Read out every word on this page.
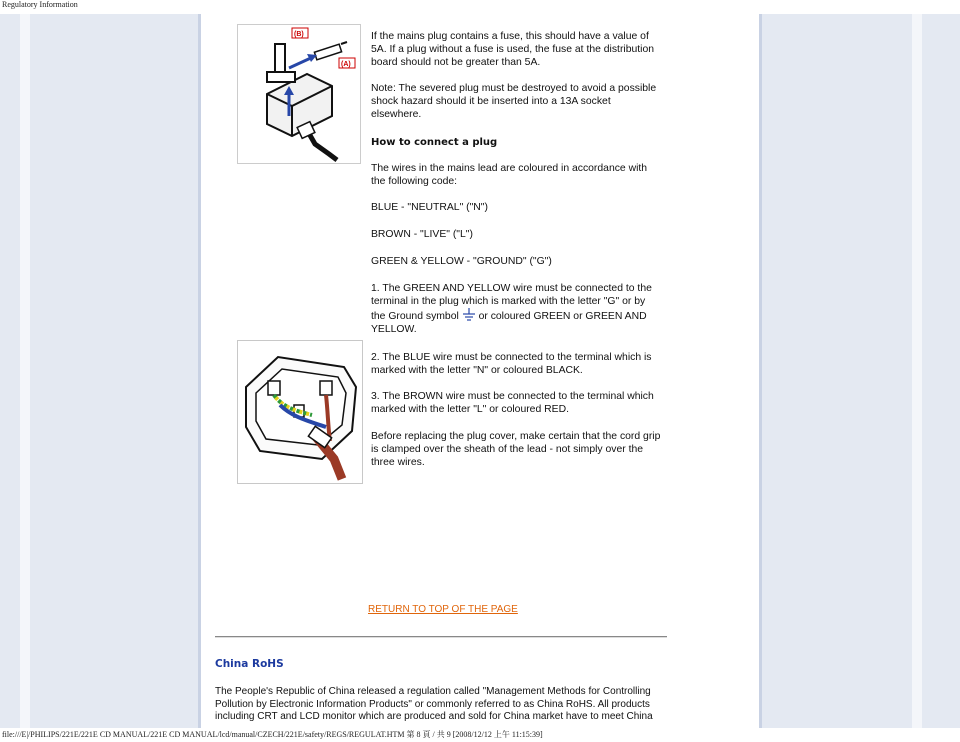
Regulatory Information
(B)
(A)

If the mains plug contains a fuse, this should have a value of 5A. If a plug without a fuse is used, the fuse at the distribution board should not be greater than 5A.

Note: The severed plug must be destroyed to avoid a possible shock hazard should it be inserted into a 13A socket elsewhere.

How to connect a plug
The wires in the mains lead are coloured in accordance with the following code:
BLUE - "NEUTRAL" ("N")
BROWN - "LIVE" ("L")
GREEN & YELLOW - "GROUND" ("G")
1. The GREEN AND YELLOW wire must be connected to the terminal in the plug which is marked with the letter "G" or by the Ground symbol or coloured GREEN or GREEN AND YELLOW.
2. The BLUE wire must be connected to the terminal which is marked with the letter "N" or coloured BLACK.
3. The BROWN wire must be connected to the terminal which marked with the letter "L" or coloured RED.
Before replacing the plug cover, make certain that the cord grip is clamped over the sheath of the lead - not simply over the three wires.
RETURN TO TOP OF THE PAGE
China RoHS
The People's Republic of China released a regulation called "Management Methods for Controlling Pollution by Electronic Information Products" or commonly referred to as China RoHS. All products including CRT and LCD monitor which are produced and sold for China market have to meet China
file:///E|/PHILIPS/221E/221E CD MANUAL/221E CD MANUAL/lcd/manual/CZECH/221E/safety/REGS/REGULAT.HTM 第 8 頁 / 共 9 [2008/12/12 上午 11:15:39]
